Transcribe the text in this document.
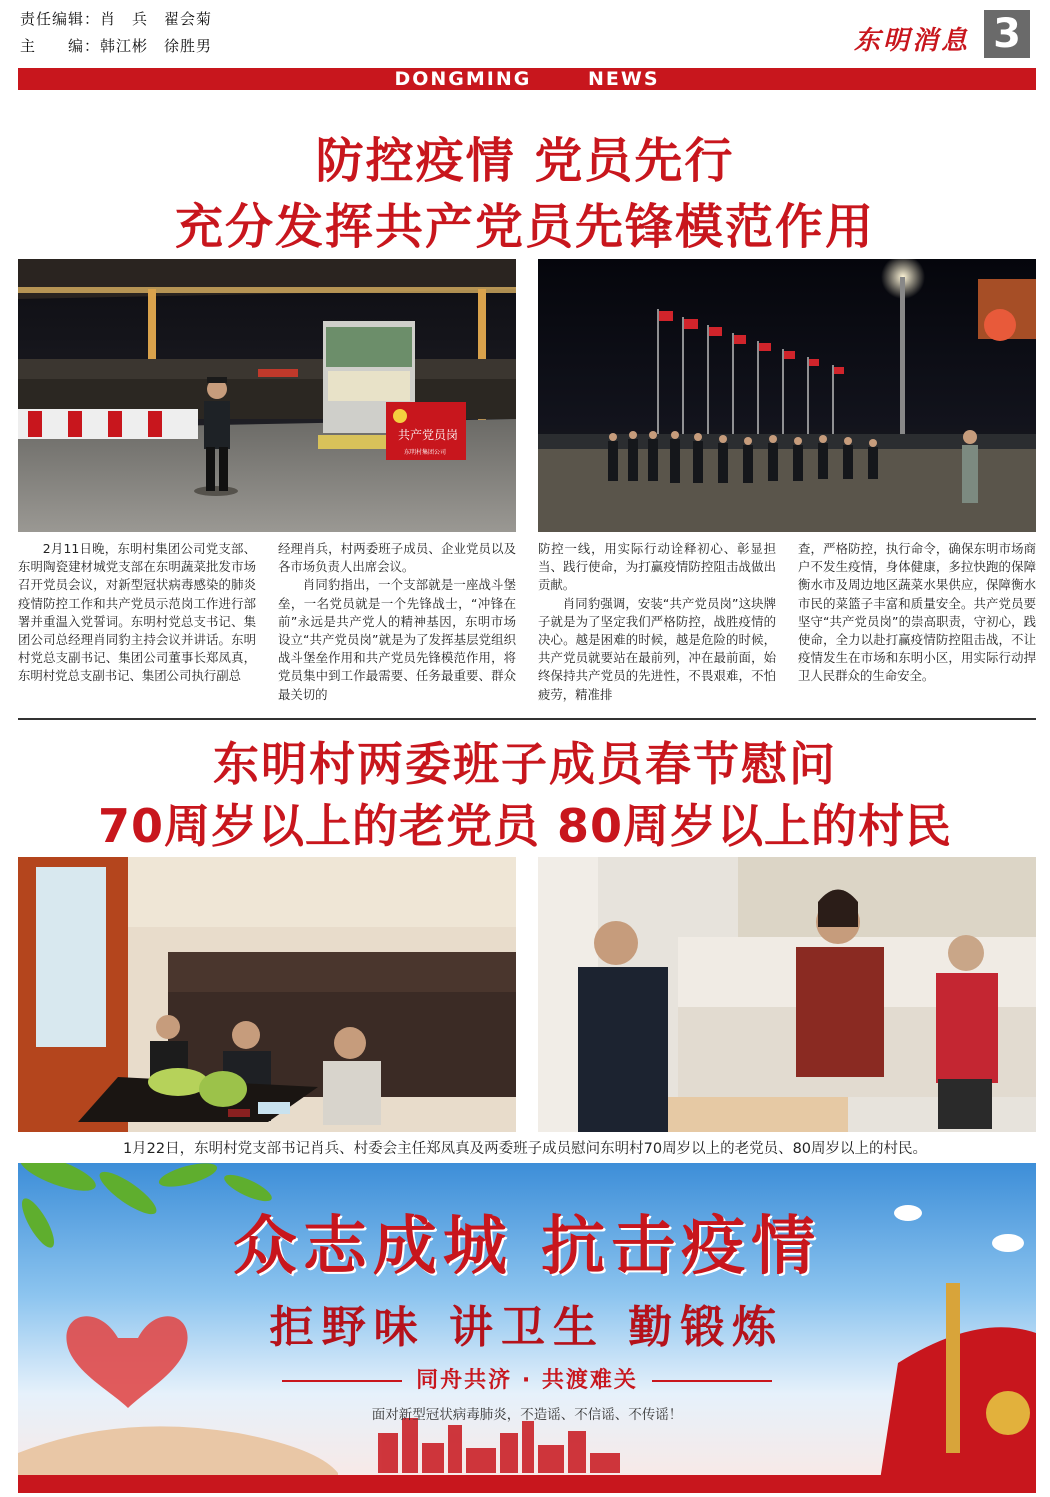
责任编辑：肖　兵　翟会菊
主　　编：韩江彬　徐胜男	东明消息 3
DONGMING	NEWS
防控疫情 党员先行
充分发挥共产党员先锋模范作用
共产党员岗
东明村集团公司

2月11日晚，东明村集团公司党支部、东明陶瓷建材城党支部在东明蔬菜批发市场召开党员会议，对新型冠状病毒感染的肺炎疫情防控工作和共产党员示范岗工作进行部署并重温入党誓词。东明村党总支书记、集团公司总经理肖同豹主持会议并讲话。东明村党总支副书记、集团公司董事长郑凤真，东明村党总支副书记、集团公司执行副总

经理肖兵，村两委班子成员、企业党员以及各市场负责人出席会议。

肖同豹指出，一个支部就是一座战斗堡垒，一名党员就是一个先锋战士，“冲锋在前”永远是共产党人的精神基因，东明市场设立“共产党员岗”就是为了发挥基层党组织战斗堡垒作用和共产党员先锋模范作用，将党员集中到工作最需要、任务最重要、群众最关切的

防控一线，用实际行动诠释初心、彰显担当、践行使命，为打赢疫情防控阻击战做出贡献。

肖同豹强调，安装“共产党员岗”这块牌子就是为了坚定我们严格防控，战胜疫情的决心。越是困难的时候，越是危险的时候，共产党员就要站在最前列，冲在最前面，始终保持共产党员的先进性，不畏艰难，不怕疲劳，精准排

查，严格防控，执行命令，确保东明市场商户不发生疫情，身体健康，多拉快跑的保障衡水市及周边地区蔬菜水果供应，保障衡水市民的菜篮子丰富和质量安全。共产党员要坚守“共产党员岗”的崇高职责，守初心，践使命，全力以赴打赢疫情防控阻击战，不让疫情发生在市场和东明小区，用实际行动捍卫人民群众的生命安全。

东明村两委班子成员春节慰问
70周岁以上的老党员 80周岁以上的村民
1月22日，东明村党支部书记肖兵、村委会主任郑凤真及两委班子成员慰问东明村70周岁以上的老党员、80周岁以上的村民。
众志成城 抗击疫情
拒野味 讲卫生 勤锻炼
同舟共济 · 共渡难关
面对新型冠状病毒肺炎，不造谣、不信谣、不传谣！
